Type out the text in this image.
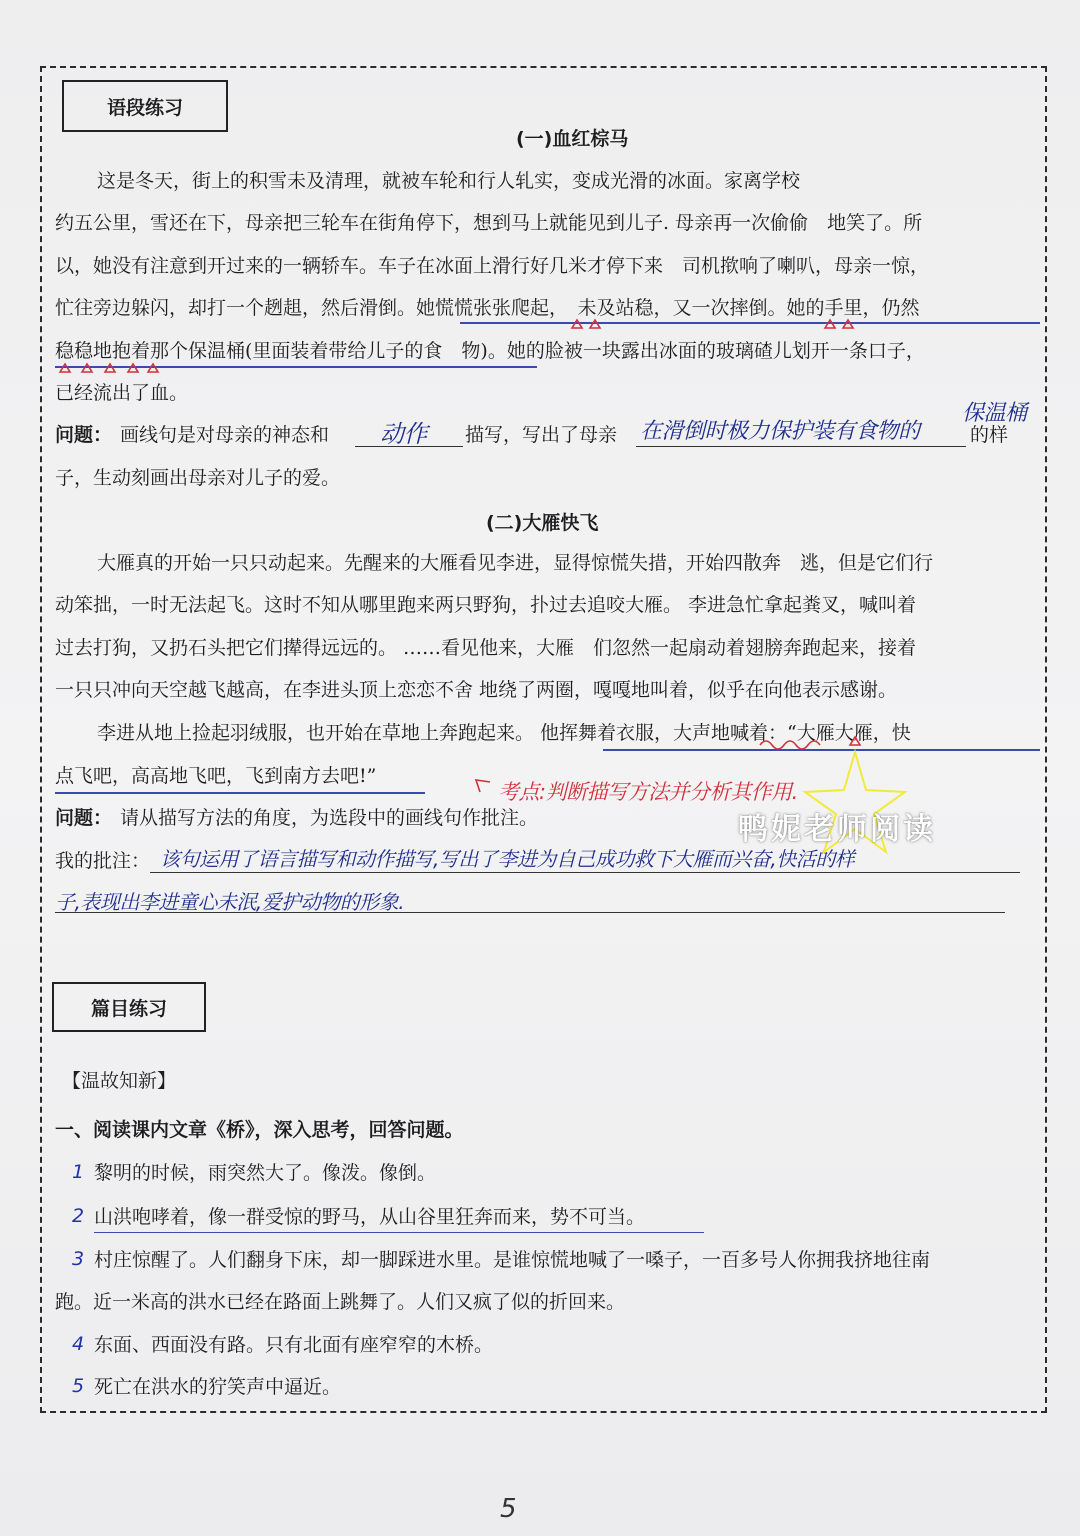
语段练习
(一)血红棕马
这是冬天，街上的积雪未及清理，就被车轮和行人轧实，变成光滑的冰面。家离学校
约五公里，雪还在下，母亲把三轮车在街角停下，想到马上就能见到儿子. 母亲再一次偷偷　地笑了。所
以，她没有注意到开过来的一辆轿车。车子在冰面上滑行好几米才停下来　司机揿响了喇叭，母亲一惊，
忙往旁边躲闪，却打一个趔趄，然后滑倒。她慌慌张张爬起，　未及站稳，又一次摔倒。她的手里，仍然
稳稳地抱着那个保温桶(里面装着带给儿子的食　物)。她的脸被一块露出冰面的玻璃碴儿划开一条口子，
已经流出了血。
问题： 画线句是对母亲的神态和 动作 描写，写出了母亲 在滑倒时极力保护装有食物的
保温桶
的样
子，生动刻画出母亲对儿子的爱。
(二)大雁快飞
大雁真的开始一只只动起来。先醒来的大雁看见李进，显得惊慌失措，开始四散奔　逃，但是它们行
动笨拙，一时无法起飞。这时不知从哪里跑来两只野狗，扑过去追咬大雁。 李进急忙拿起粪叉，喊叫着
过去打狗，又扔石头把它们撵得远远的。 ……看见他来，大雁　们忽然一起扇动着翅膀奔跑起来，接着
一只只冲向天空越飞越高，在李进头顶上恋恋不舍 地绕了两圈，嘎嘎地叫着，似乎在向他表示感谢。
李进从地上捡起羽绒服，也开始在草地上奔跑起来。 他挥舞着衣服，大声地喊着：“大雁大雁，快
点飞吧，高高地飞吧，飞到南方去吧!”
考点:判断描写方法并分析其作用.
问题： 请从描写方法的角度，为选段中的画线句作批注。
我的批注： 该句运用了语言描写和动作描写,写出了李进为自己成功救下大雁而兴奋,快活的样
子,表现出李进童心未泯,爱护动物的形象.
篇目练习
【温故知新】
一、阅读课内文章《桥》，深入思考，回答问题。
1 黎明的时候，雨突然大了。像泼。像倒。
2 山洪咆哮着，像一群受惊的野马，从山谷里狂奔而来，势不可当。
3 村庄惊醒了。人们翻身下床，却一脚踩进水里。是谁惊慌地喊了一嗓子，一百多号人你拥我挤地往南
跑。近一米高的洪水已经在路面上跳舞了。人们又疯了似的折回来。
4 东面、西面没有路。只有北面有座窄窄的木桥。
5 死亡在洪水的狞笑声中逼近。
鸭妮老师阅读
5
